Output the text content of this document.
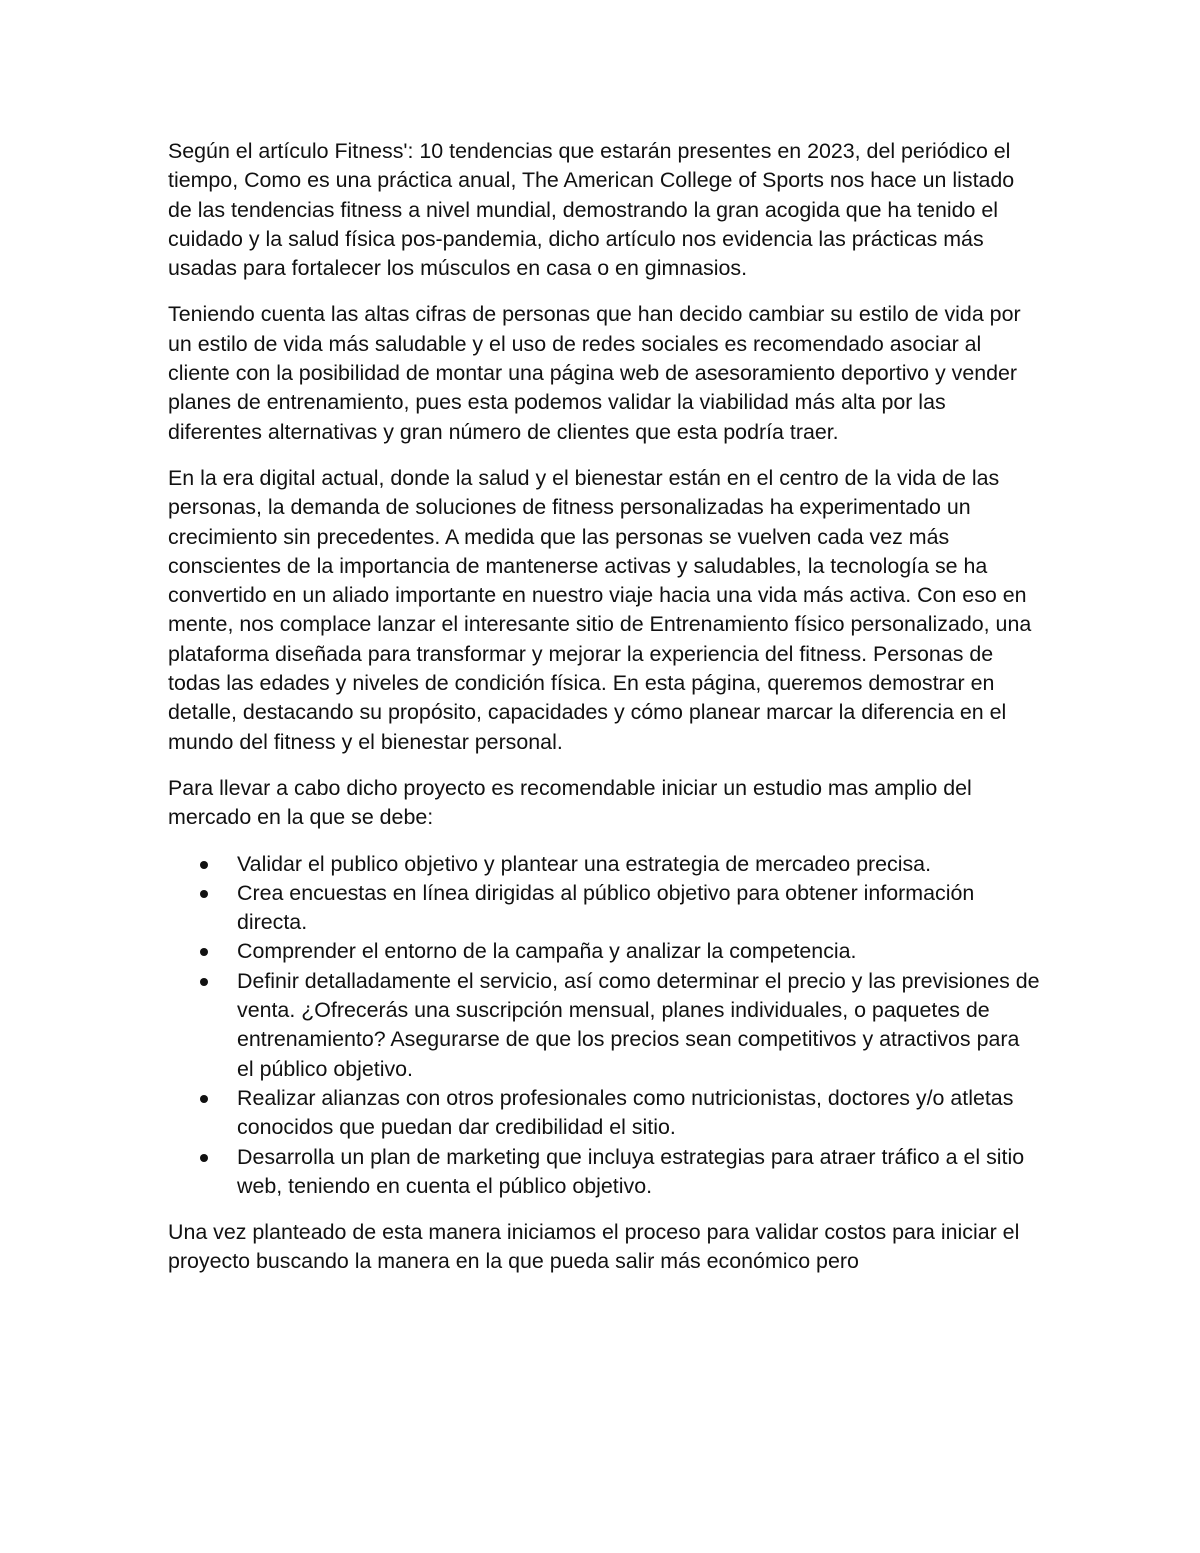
Según el artículo Fitness': 10 tendencias que estarán presentes en 2023, del periódico el tiempo, Como es una práctica anual, The American College of Sports nos hace un listado de las tendencias fitness a nivel mundial, demostrando la gran acogida que ha tenido el cuidado y la salud física pos-pandemia, dicho artículo nos evidencia las prácticas más usadas para fortalecer los músculos en casa o en gimnasios.

Teniendo cuenta las altas cifras de personas que han decido cambiar su estilo de vida por un estilo de vida más saludable y el uso de redes sociales es recomendado asociar al cliente con la posibilidad de montar una página web de asesoramiento deportivo y vender planes de entrenamiento, pues esta podemos validar la viabilidad más alta por las diferentes alternativas y gran número de clientes que esta podría traer.

En la era digital actual, donde la salud y el bienestar están en el centro de la vida de las personas, la demanda de soluciones de fitness personalizadas ha experimentado un crecimiento sin precedentes. A medida que las personas se vuelven cada vez más conscientes de la importancia de mantenerse activas y saludables, la tecnología se ha convertido en un aliado importante en nuestro viaje hacia una vida más activa. Con eso en mente, nos complace lanzar el interesante sitio de Entrenamiento físico personalizado, una plataforma diseñada para transformar y mejorar la experiencia del fitness. Personas de todas las edades y niveles de condición física. En esta página, queremos demostrar en detalle, destacando su propósito, capacidades y cómo planear marcar la diferencia en el mundo del fitness y el bienestar personal.

Para llevar a cabo dicho proyecto es recomendable iniciar un estudio mas amplio del mercado en la que se debe:

Validar el publico objetivo y plantear una estrategia de mercadeo precisa.
Crea encuestas en línea dirigidas al público objetivo para obtener información directa.
Comprender el entorno de la campaña y analizar la competencia.
Definir detalladamente el servicio, así como determinar el precio y las previsiones de venta. ¿Ofrecerás una suscripción mensual, planes individuales, o paquetes de entrenamiento? Asegurarse de que los precios sean competitivos y atractivos para el público objetivo.
Realizar alianzas con otros profesionales como nutricionistas, doctores y/o atletas conocidos que puedan dar credibilidad el sitio.
Desarrolla un plan de marketing que incluya estrategias para atraer tráfico a el sitio web, teniendo en cuenta el público objetivo.

Una vez planteado de esta manera iniciamos el proceso para validar costos para iniciar el proyecto buscando la manera en la que pueda salir más económico pero
